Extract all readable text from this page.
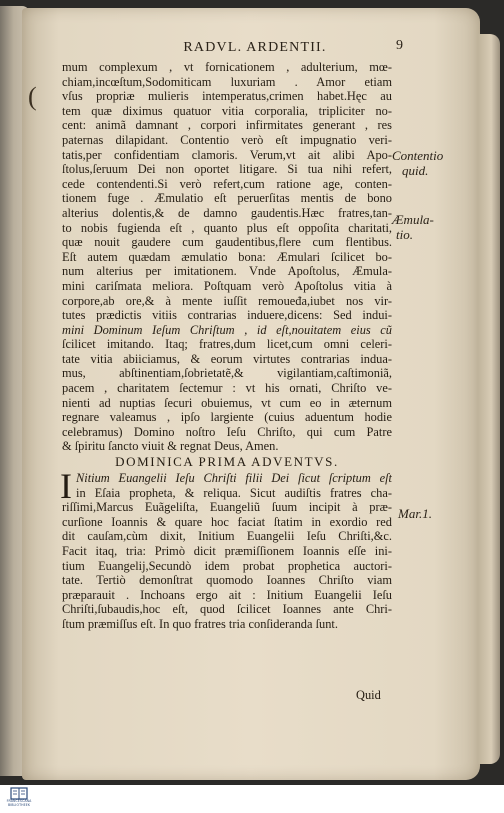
RADVL. ARDENTII.	9
(
mum complexum , vt fornicationem , adulterium, mœ-
chiam,incœſtum,Sodomiticam luxuriam . Amor etiam
vſus propriæ mulieris intemperatus,crimen habet.Hęc au
tem quæ diximus quatuor vitia corporalia, tripliciter no-
cent: animã damnant , corpori infirmitates generant , res
paternas dilapidant. Contentio verò eſt impugnatio veri-
tatis,per confidentiam clamoris. Verum,vt ait alibi Apo-
ſtolus,ſeruum Dei non oportet litigare. Si tua nihi refert,
cede contendenti.Si verò refert,cum ratione age, conten-
tionem fuge . Æmulatio eſt peruerſitas mentis de bono
alterius dolentis,& de damno gaudentis.Hæc fratres,tan-
to nobis fugienda eſt , quanto plus eſt oppoſita charitati,
quæ nouit gaudere cum gaudentibus,flere cum flentibus.
Eſt autem quædam æmulatio bona: Æmulari ſcilicet bo-
num alterius per imitationem. Vnde Apoſtolus, Æmula-
mini cariſmata meliora. Poſtquam verò Apoſtolus vitia à
corpore,ab ore,& à mente iuſſit remoueđa,iubet nos vir-
tutes prædictis vitiis contrarias induere,dicens: Sed indui-
mini Dominum Ieſum Chriſtum , id eſt,nouitatem eius cũ
ſcilicet imitando. Itaq; fratres,dum licet,cum omni celeri-
tate vitia abiiciamus, & eorum virtutes contrarias indua-
mus, abſtinentiam,ſobrietatẽ,& vigilantiam,caſtimoniã,
pacem , charitatem ſectemur : vt his ornati, Chriſto ve-
nienti ad nuptias ſecuri obuiemus, vt cum eo in æternum
regnare valeamus , ipſo largiente (cuius aduentum hodie
celebramus) Domino noſtro Ieſu Chriſto, qui cum Patre
& ſpiritu ſancto viuit & regnat Deus, Amen.
DOMINICA PRIMA ADVENTVS.
I Nitium Euangelii Ieſu Chriſti filii Dei ſicut ſcriptum eſt
in Eſaia propheta, & reliqua. Sicut audiſtis fratres cha-
riſſimi,Marcus Euãgeliſta, Euangeliũ ſuum incipit à præ-
curſione Ioannis & quare hoc faciat ſtatim in exordio red
dit cauſam,cùm dixit, Initium Euangelii Ieſu Chriſti,&c.
Facit itaq, tria: Primò dicit præmiſſionem Ioannis eſſe ini-
tium Euangelij,Secundò idem probat prophetica auctori-
tate. Tertiò demonſtrat quomodo Ioannes Chriſto viam
præparauit . Inchoans ergo ait : Initium Euangelii Ieſu
Chriſti,ſubaudis,hoc eſt, quod ſcilicet Ioannes ante Chri-
ſtum præmiſſus eſt. In quo fratres tria conſideranda ſunt.
Quid
Contentio
quid.
Æmula-
tio.
Mar.1.
FRANCESCANA
BIBLIOTHEEK
